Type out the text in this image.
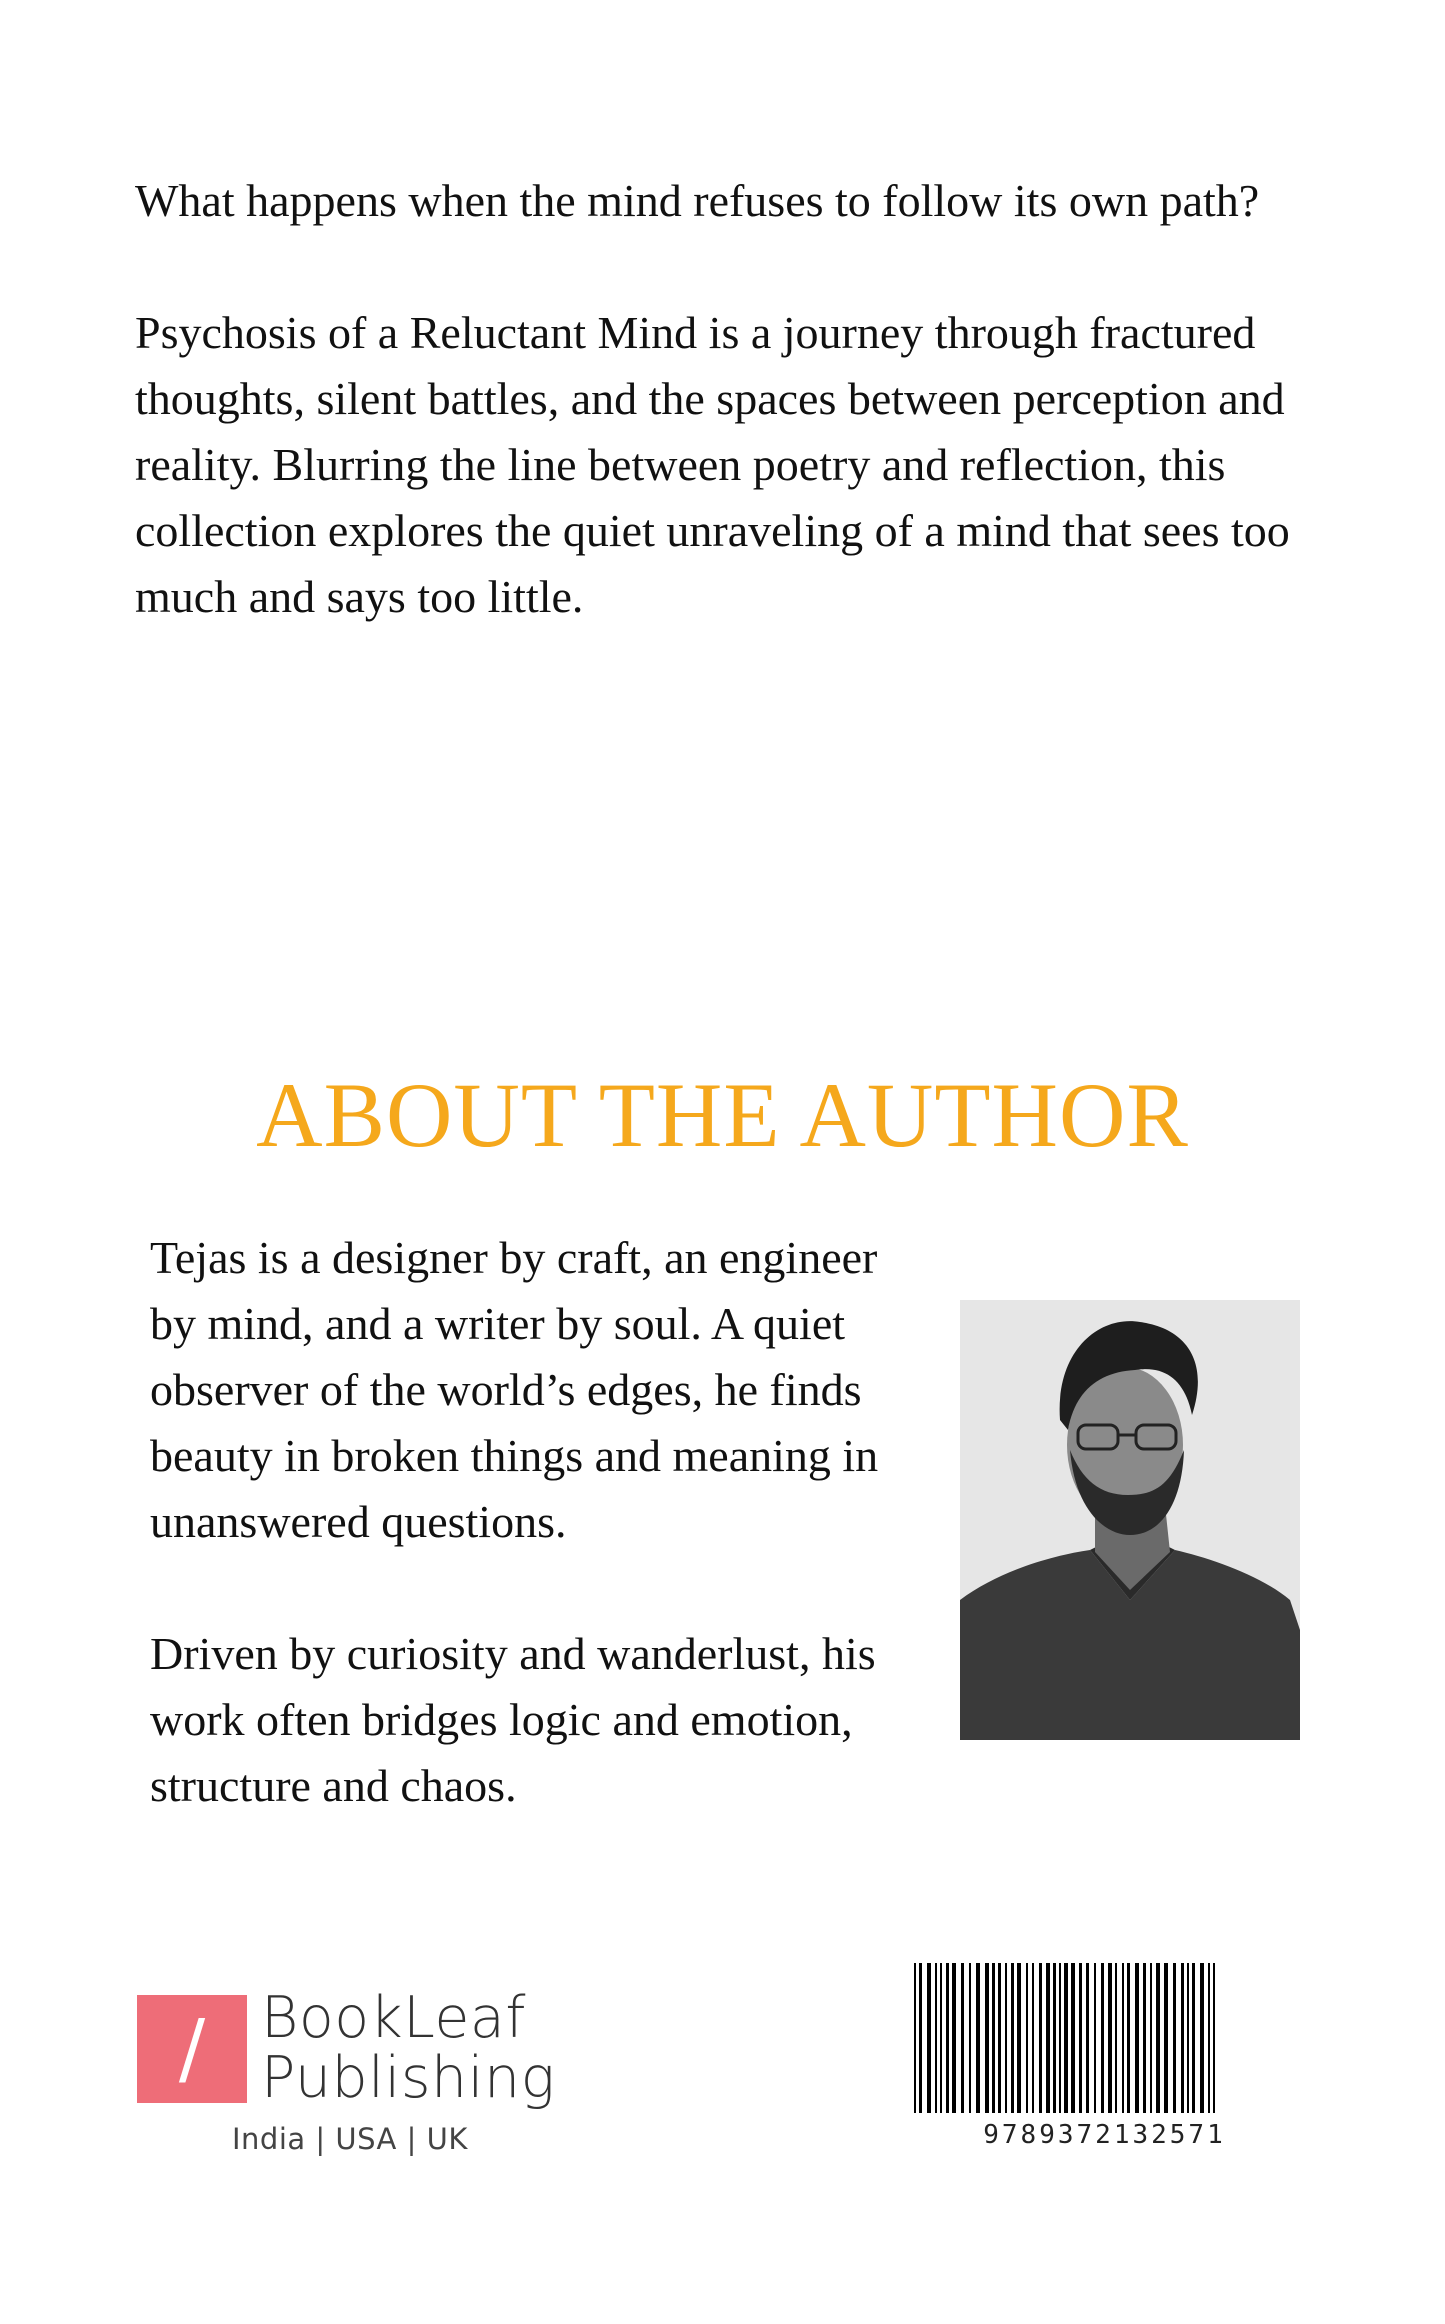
What happens when the mind refuses to follow its own path?

Psychosis of a Reluctant Mind is a journey through fractured thoughts, silent battles, and the spaces between perception and reality. Blurring the line between poetry and reflection, this collection explores the quiet unraveling of a mind that sees too much and says too little.

ABOUT THE AUTHOR

Tejas is a designer by craft, an engineer by mind, and a writer by soul. A quiet observer of the world’s edges, he finds beauty in broken things and meaning in unanswered questions.

Driven by curiosity and wanderlust, his work often bridges logic and emotion, structure and chaos.

/ BookLeaf
Publishing
India | USA | UK	9789372132571
